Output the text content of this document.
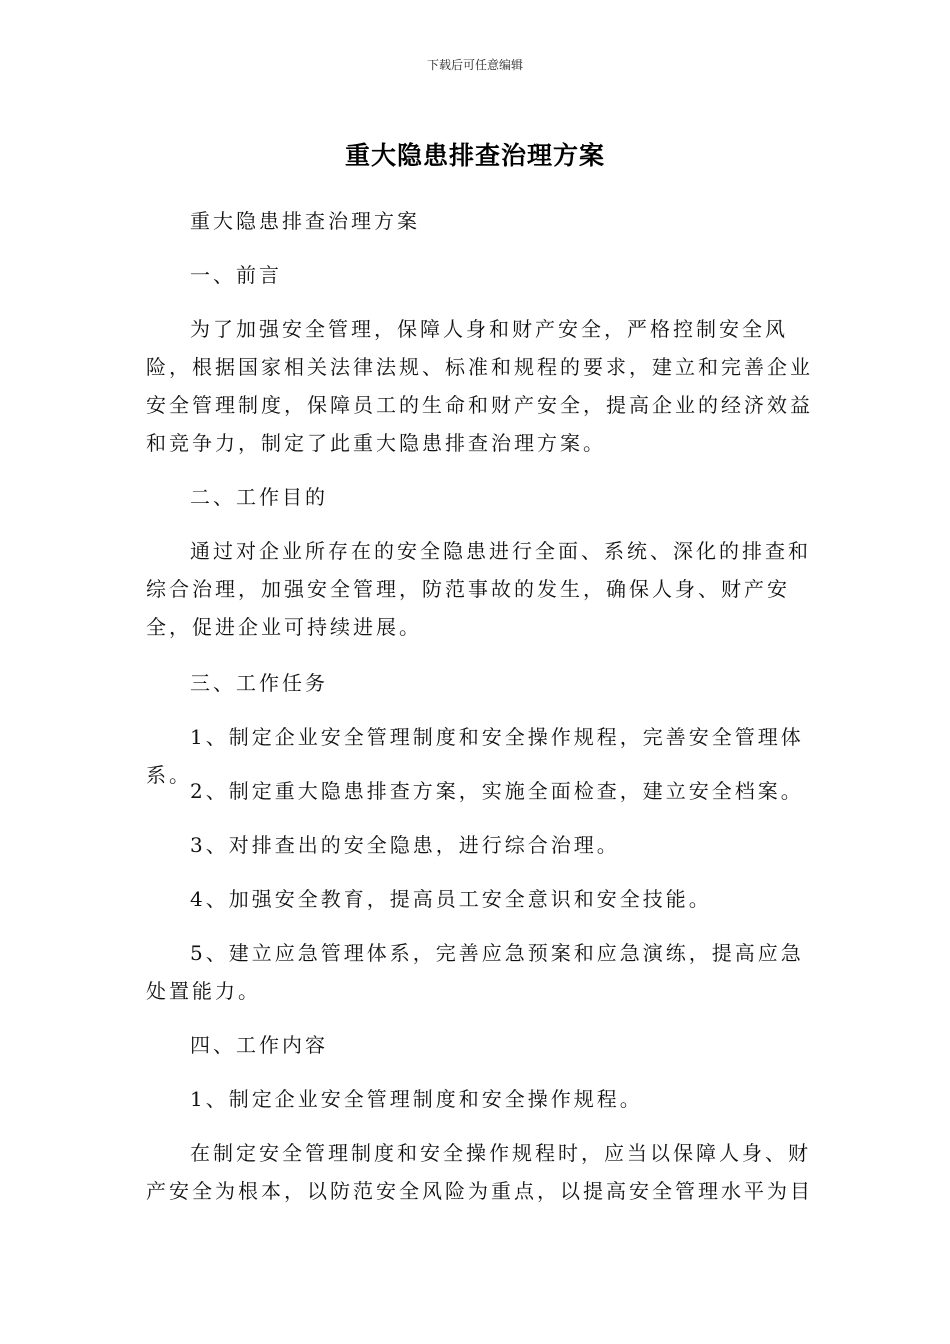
下载后可任意编辑
重大隐患排查治理方案

重大隐患排查治理方案

一、前言

为了加强安全管理，保障人身和财产安全，严格控制安全风险，根据国家相关法律法规、标准和规程的要求，建立和完善企业安全管理制度，保障员工的生命和财产安全，提高企业的经济效益和竞争力，制定了此重大隐患排查治理方案。

二、工作目的

通过对企业所存在的安全隐患进行全面、系统、深化的排查和综合治理，加强安全管理，防范事故的发生，确保人身、财产安全，促进企业可持续进展。

三、工作任务

1、制定企业安全管理制度和安全操作规程，完善安全管理体系。

2、制定重大隐患排查方案，实施全面检查，建立安全档案。

3、对排查出的安全隐患，进行综合治理。

4、加强安全教育，提高员工安全意识和安全技能。

5、建立应急管理体系，完善应急预案和应急演练，提高应急处置能力。

四、工作内容

1、制定企业安全管理制度和安全操作规程。

在制定安全管理制度和安全操作规程时，应当以保障人身、财产安全为根本，以防范安全风险为重点，以提高安全管理水平为目
